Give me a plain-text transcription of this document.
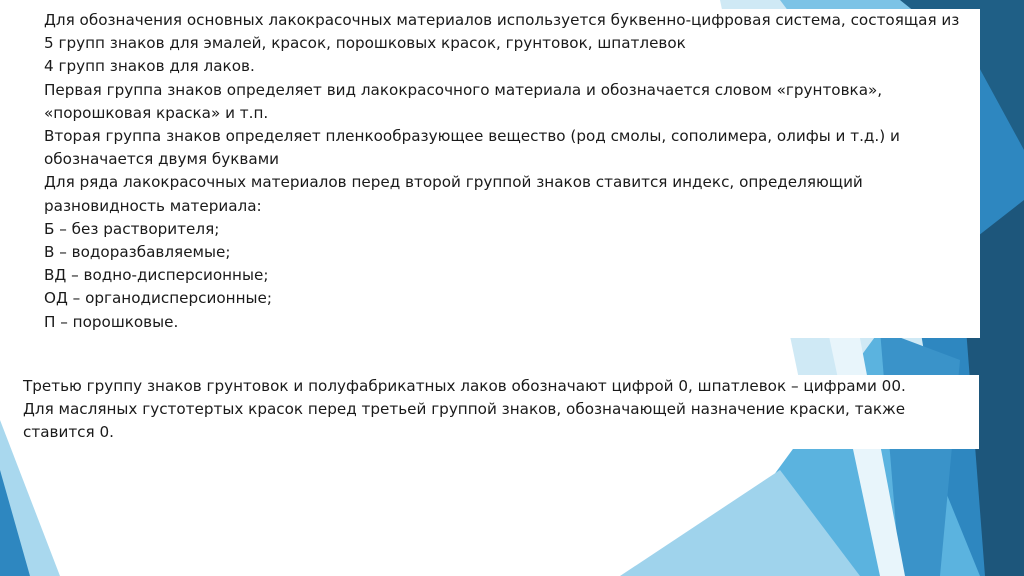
Для обозначения основных лакокрасочных материалов используется буквенно-цифровая система, состоящая из

5 групп знаков для эмалей, красок, порошковых красок, грунтовок, шпатлевок

4 групп знаков для лаков.

Первая группа знаков определяет вид лакокрасочного материала и обозначается словом «грунтовка», «порошковая краска» и т.п.

Вторая группа знаков определяет пленкообразующее вещество (род смолы, сополимера, олифы и т.д.) и обозначается двумя буквами

Для ряда лакокрасочных материалов перед второй группой знаков ставится индекс, определяющий разновидность материала:

Б – без растворителя;

В – водоразбавляемые;

ВД – водно-дисперсионные;

ОД – органодисперсионные;

П – порошковые.

Третью группу знаков грунтовок и полуфабрикатных лаков обозначают цифрой 0, шпатлевок – цифрами 00.

Для масляных густотертых красок перед третьей группой знаков, обозначающей назначение краски, также ставится 0.
